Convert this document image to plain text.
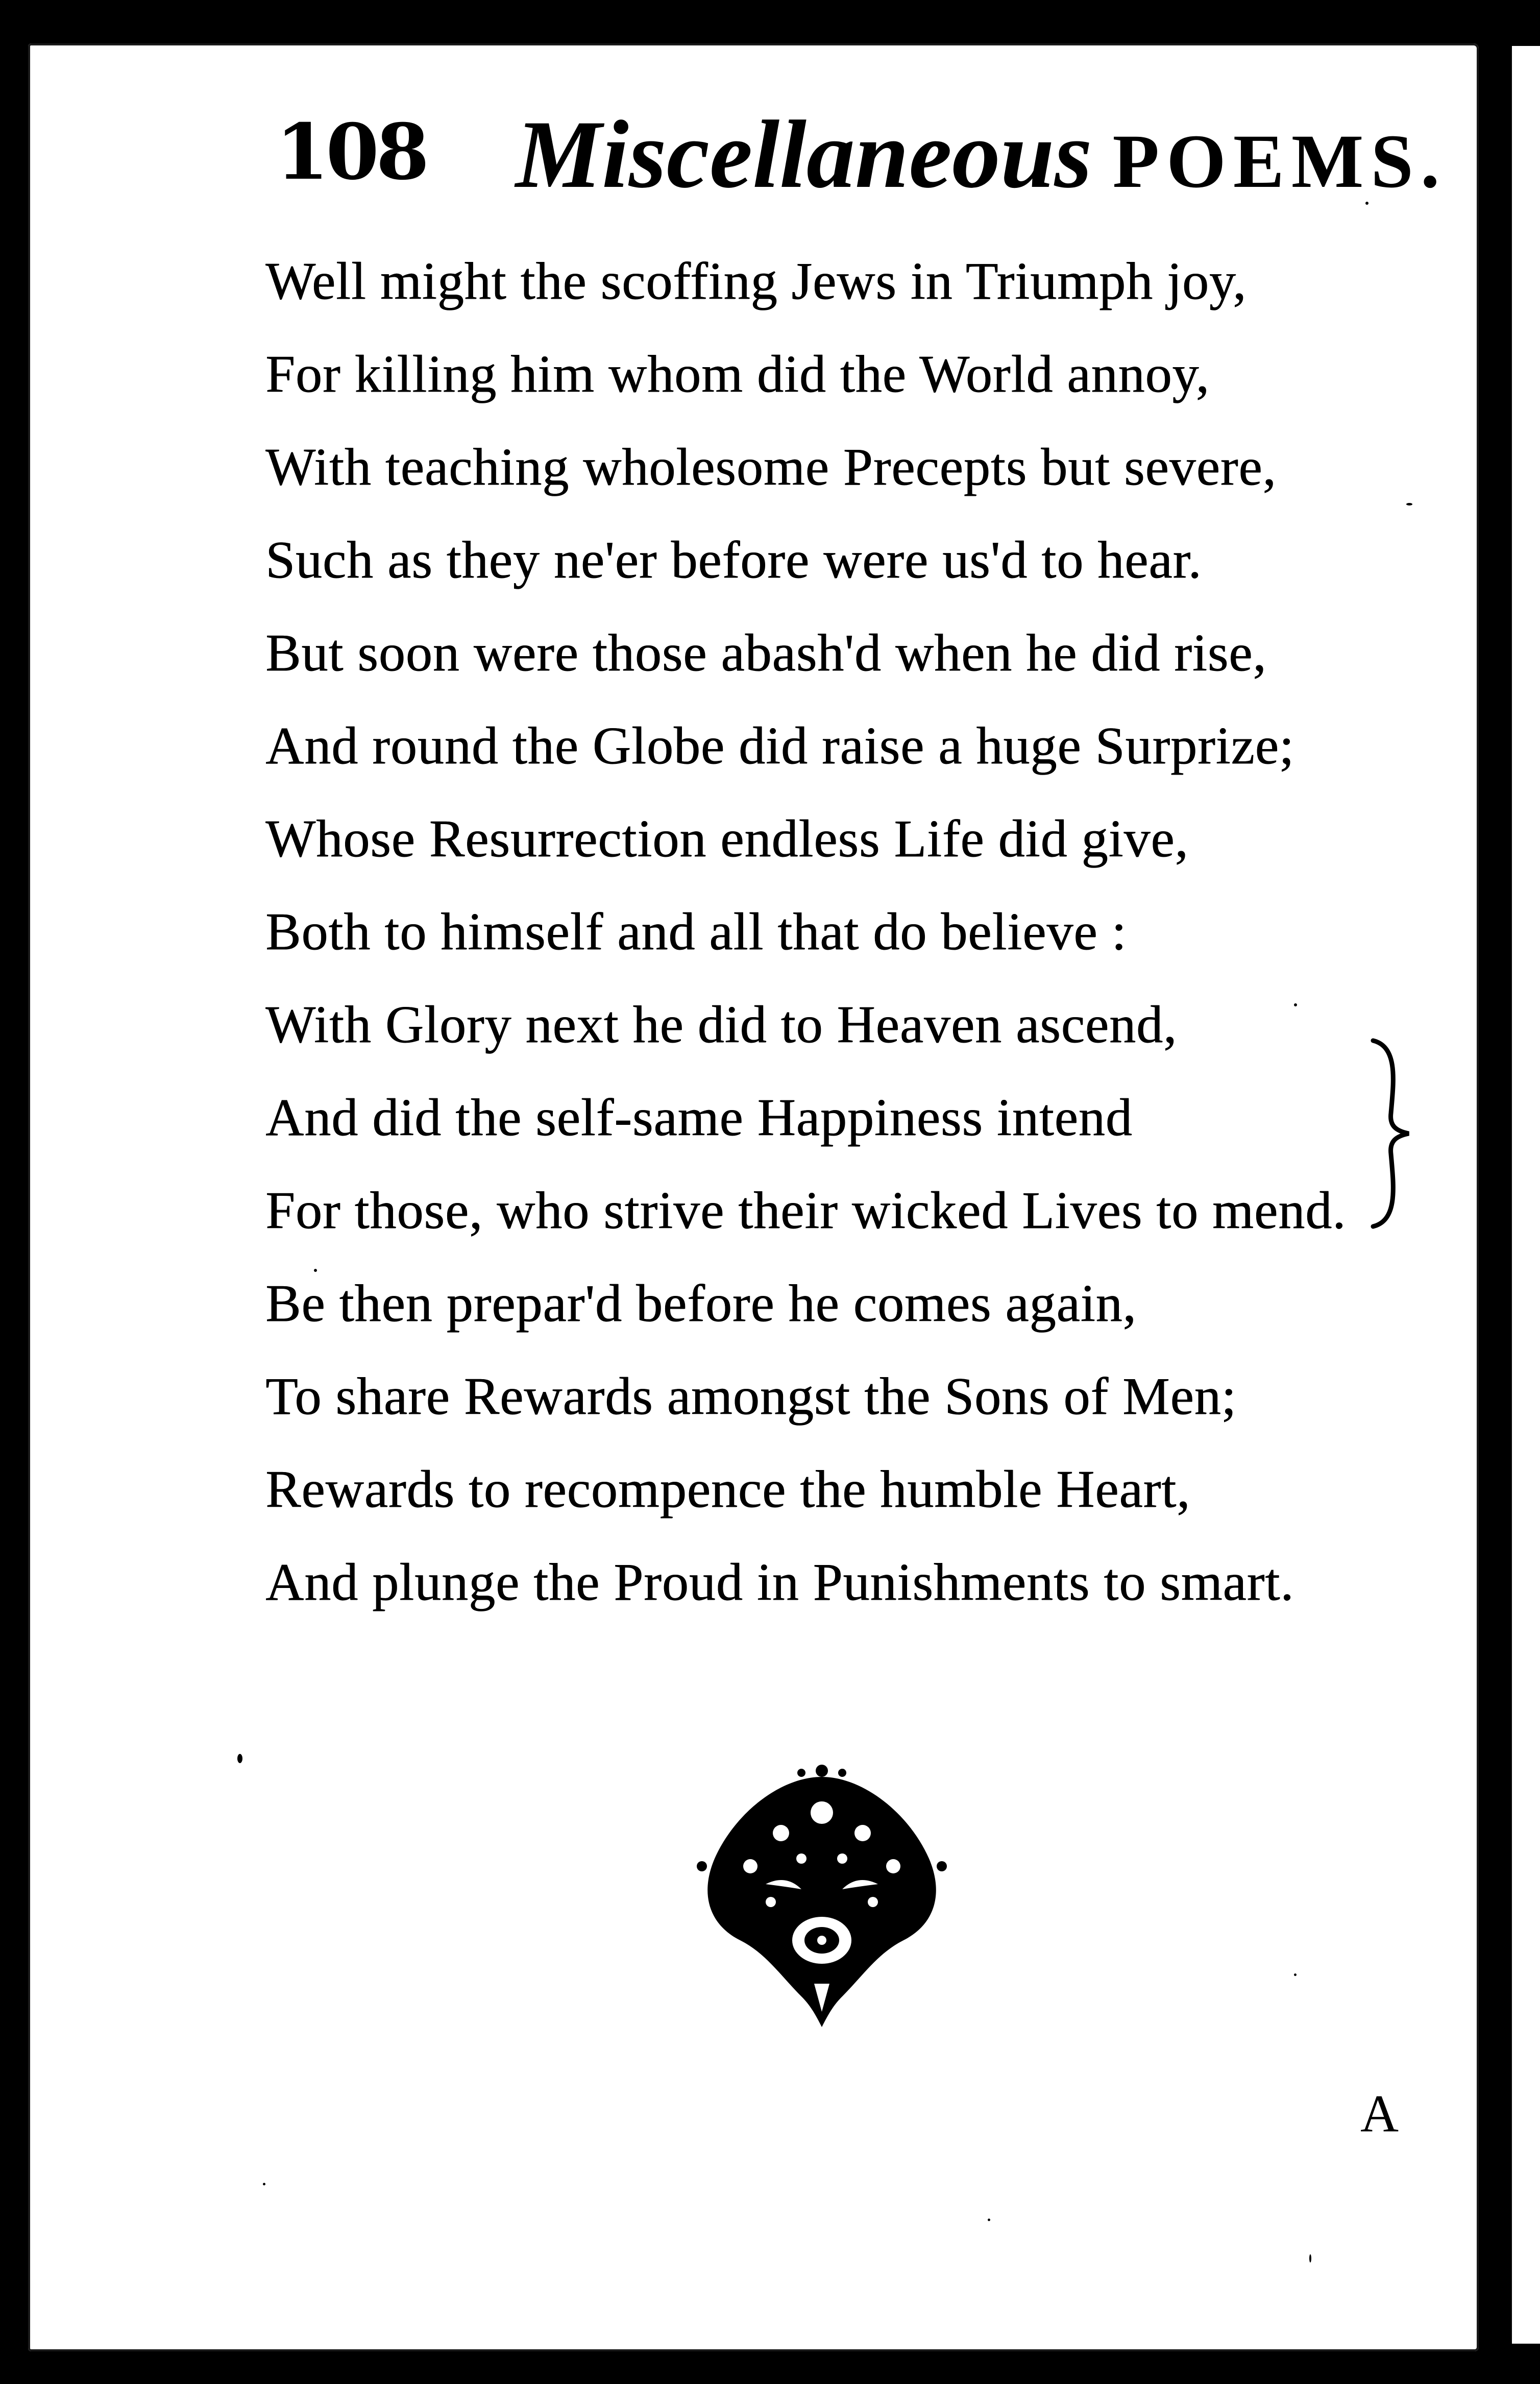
108 Miscellaneous POEMS.
Well might the scoffing Jews in Triumph joy,
For killing him whom did the World annoy,
With teaching wholesome Precepts but severe,
Such as they ne'er before were us'd to hear.
But soon were those abash'd when he did rise,
And round the Globe did raise a huge Surprize;
Whose Resurrection endless Life did give,
Both to himself and all that do believe :
With Glory next he did to Heaven ascend,
And did the self-same Happiness intend
For those, who strive their wicked Lives to mend.
Be then prepar'd before he comes again,
To share Rewards amongst the Sons of Men;
Rewards to recompence the humble Heart,
And plunge the Proud in Punishments to smart.
A
